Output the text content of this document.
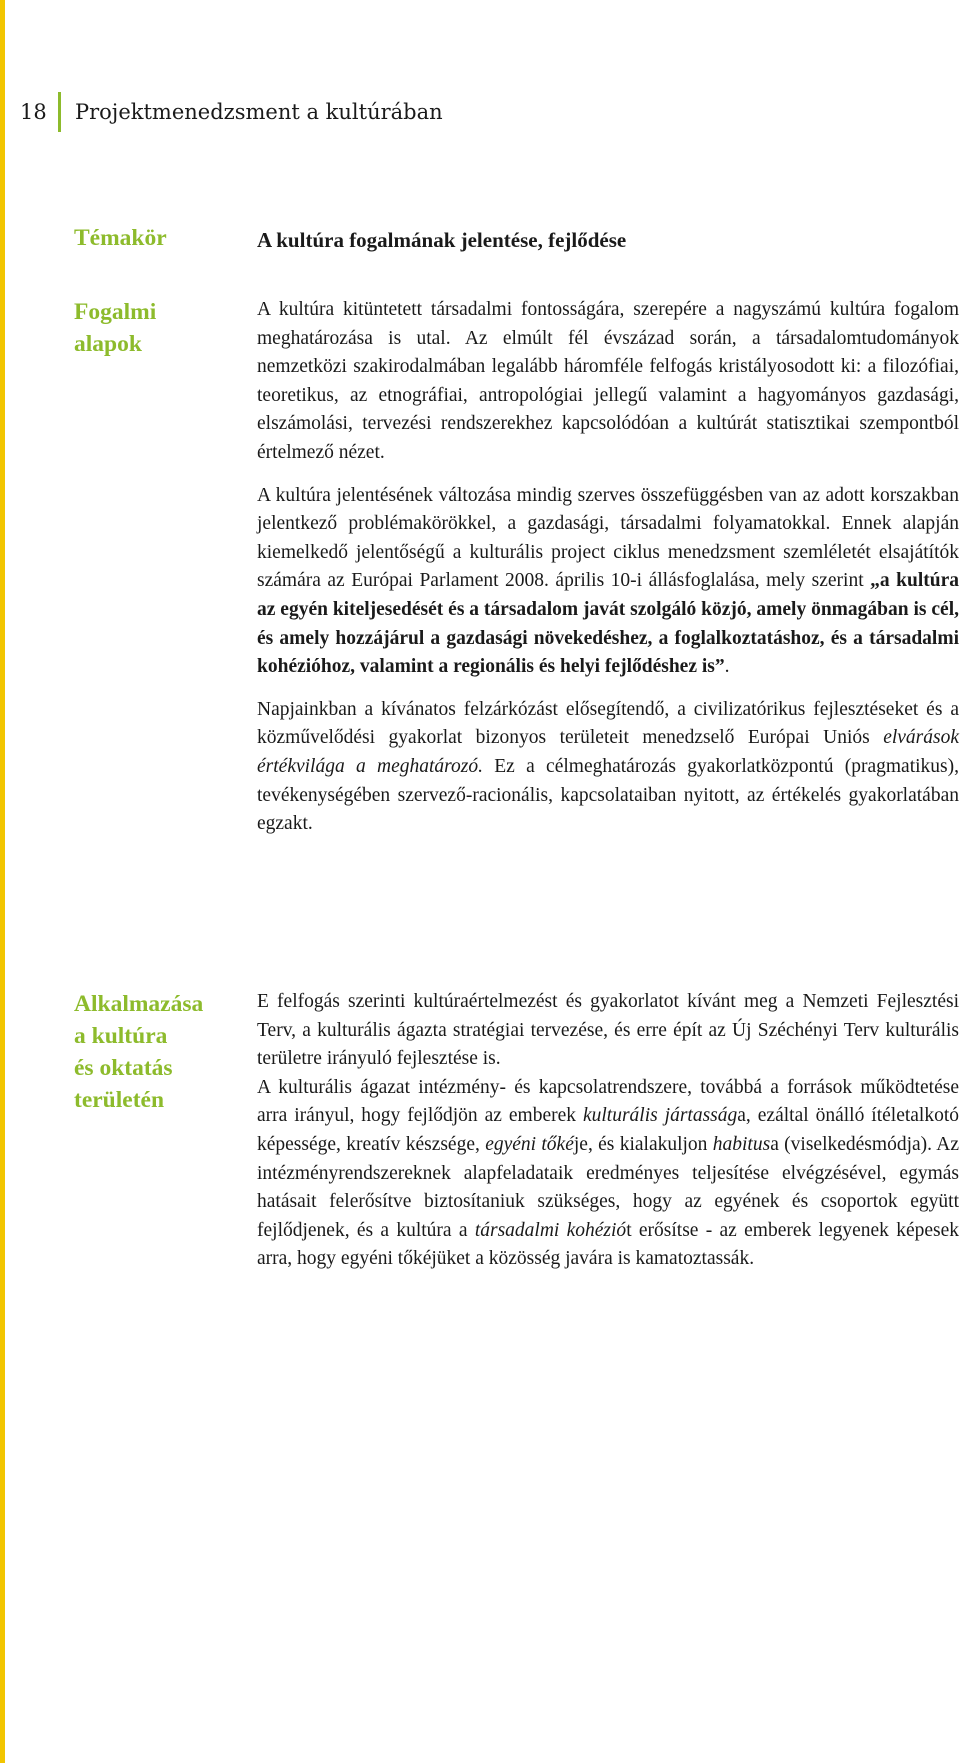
18 Projektmenedzsment a kultúrában
Témakör	A kultúra fogalmának jelentése, fejlődése
Fogalmi
alapok

A kultúra kitüntetett társadalmi fontosságára, szerepére a nagyszámú kultúra fogalom meghatározása is utal. Az elmúlt fél évszázad során, a társadalomtudományok nemzetközi szakirodalmában legalább háromféle felfogás kristályosodott ki: a filozófiai, teoretikus, az etnográfiai, antropológiai jellegű valamint a hagyományos gazdasági, elszámolási, tervezési rendszerekhez kapcsolódóan a kultúrát statisztikai szempontból értelmező nézet.

A kultúra jelentésének változása mindig szerves összefüggésben van az adott korszakban jelentkező problémakörökkel, a gazdasági, társadalmi folyamatokkal. Ennek alapján kiemelkedő jelentőségű a kulturális project ciklus menedzsment szemléletét elsajátítók számára az Európai Parlament 2008. április 10-i állásfoglalása, mely szerint „a kultúra az egyén kiteljesedését és a társadalom javát szolgáló közjó, amely önmagában is cél, és amely hozzájárul a gazdasági növekedéshez, a foglalkoztatáshoz, és a társadalmi kohézióhoz, valamint a regionális és helyi fejlődéshez is”.

Napjainkban a kívánatos felzárkózást elősegítendő, a civilizatórikus fejlesztéseket és a közművelődési gyakorlat bizonyos területeit menedzselő Európai Uniós elvárások értékvilága a meghatározó. Ez a célmeghatározás gyakorlatközpontú (pragmatikus), tevékenységében szervező-racionális, kapcsolataiban nyitott, az értékelés gyakorlatában egzakt.

Alkalmazása
a kultúra
és oktatás
területén

E felfogás szerinti kultúraértelmezést és gyakorlatot kívánt meg a Nemzeti Fejlesztési Terv, a kulturális ágazta stratégiai tervezése, és erre épít az Új Széchényi Terv kulturális területre irányuló fejlesztése is.

A kulturális ágazat intézmény- és kapcsolatrendszere, továbbá a források működtetése arra irányul, hogy fejlődjön az emberek kulturális jártassága, ezáltal önálló ítéletalkotó képessége, kreatív készsége, egyéni tőkéje, és kialakuljon habitusa (viselkedésmódja). Az intézményrendszereknek alapfeladataik eredményes teljesítése elvégzésével, egymás hatásait felerősítve biztosítaniuk szükséges, hogy az egyének és csoportok együtt fejlődjenek, és a kultúra a társadalmi kohéziót erősítse - az emberek legyenek képesek arra, hogy egyéni tőkéjüket a közösség javára is kamatoztassák.
